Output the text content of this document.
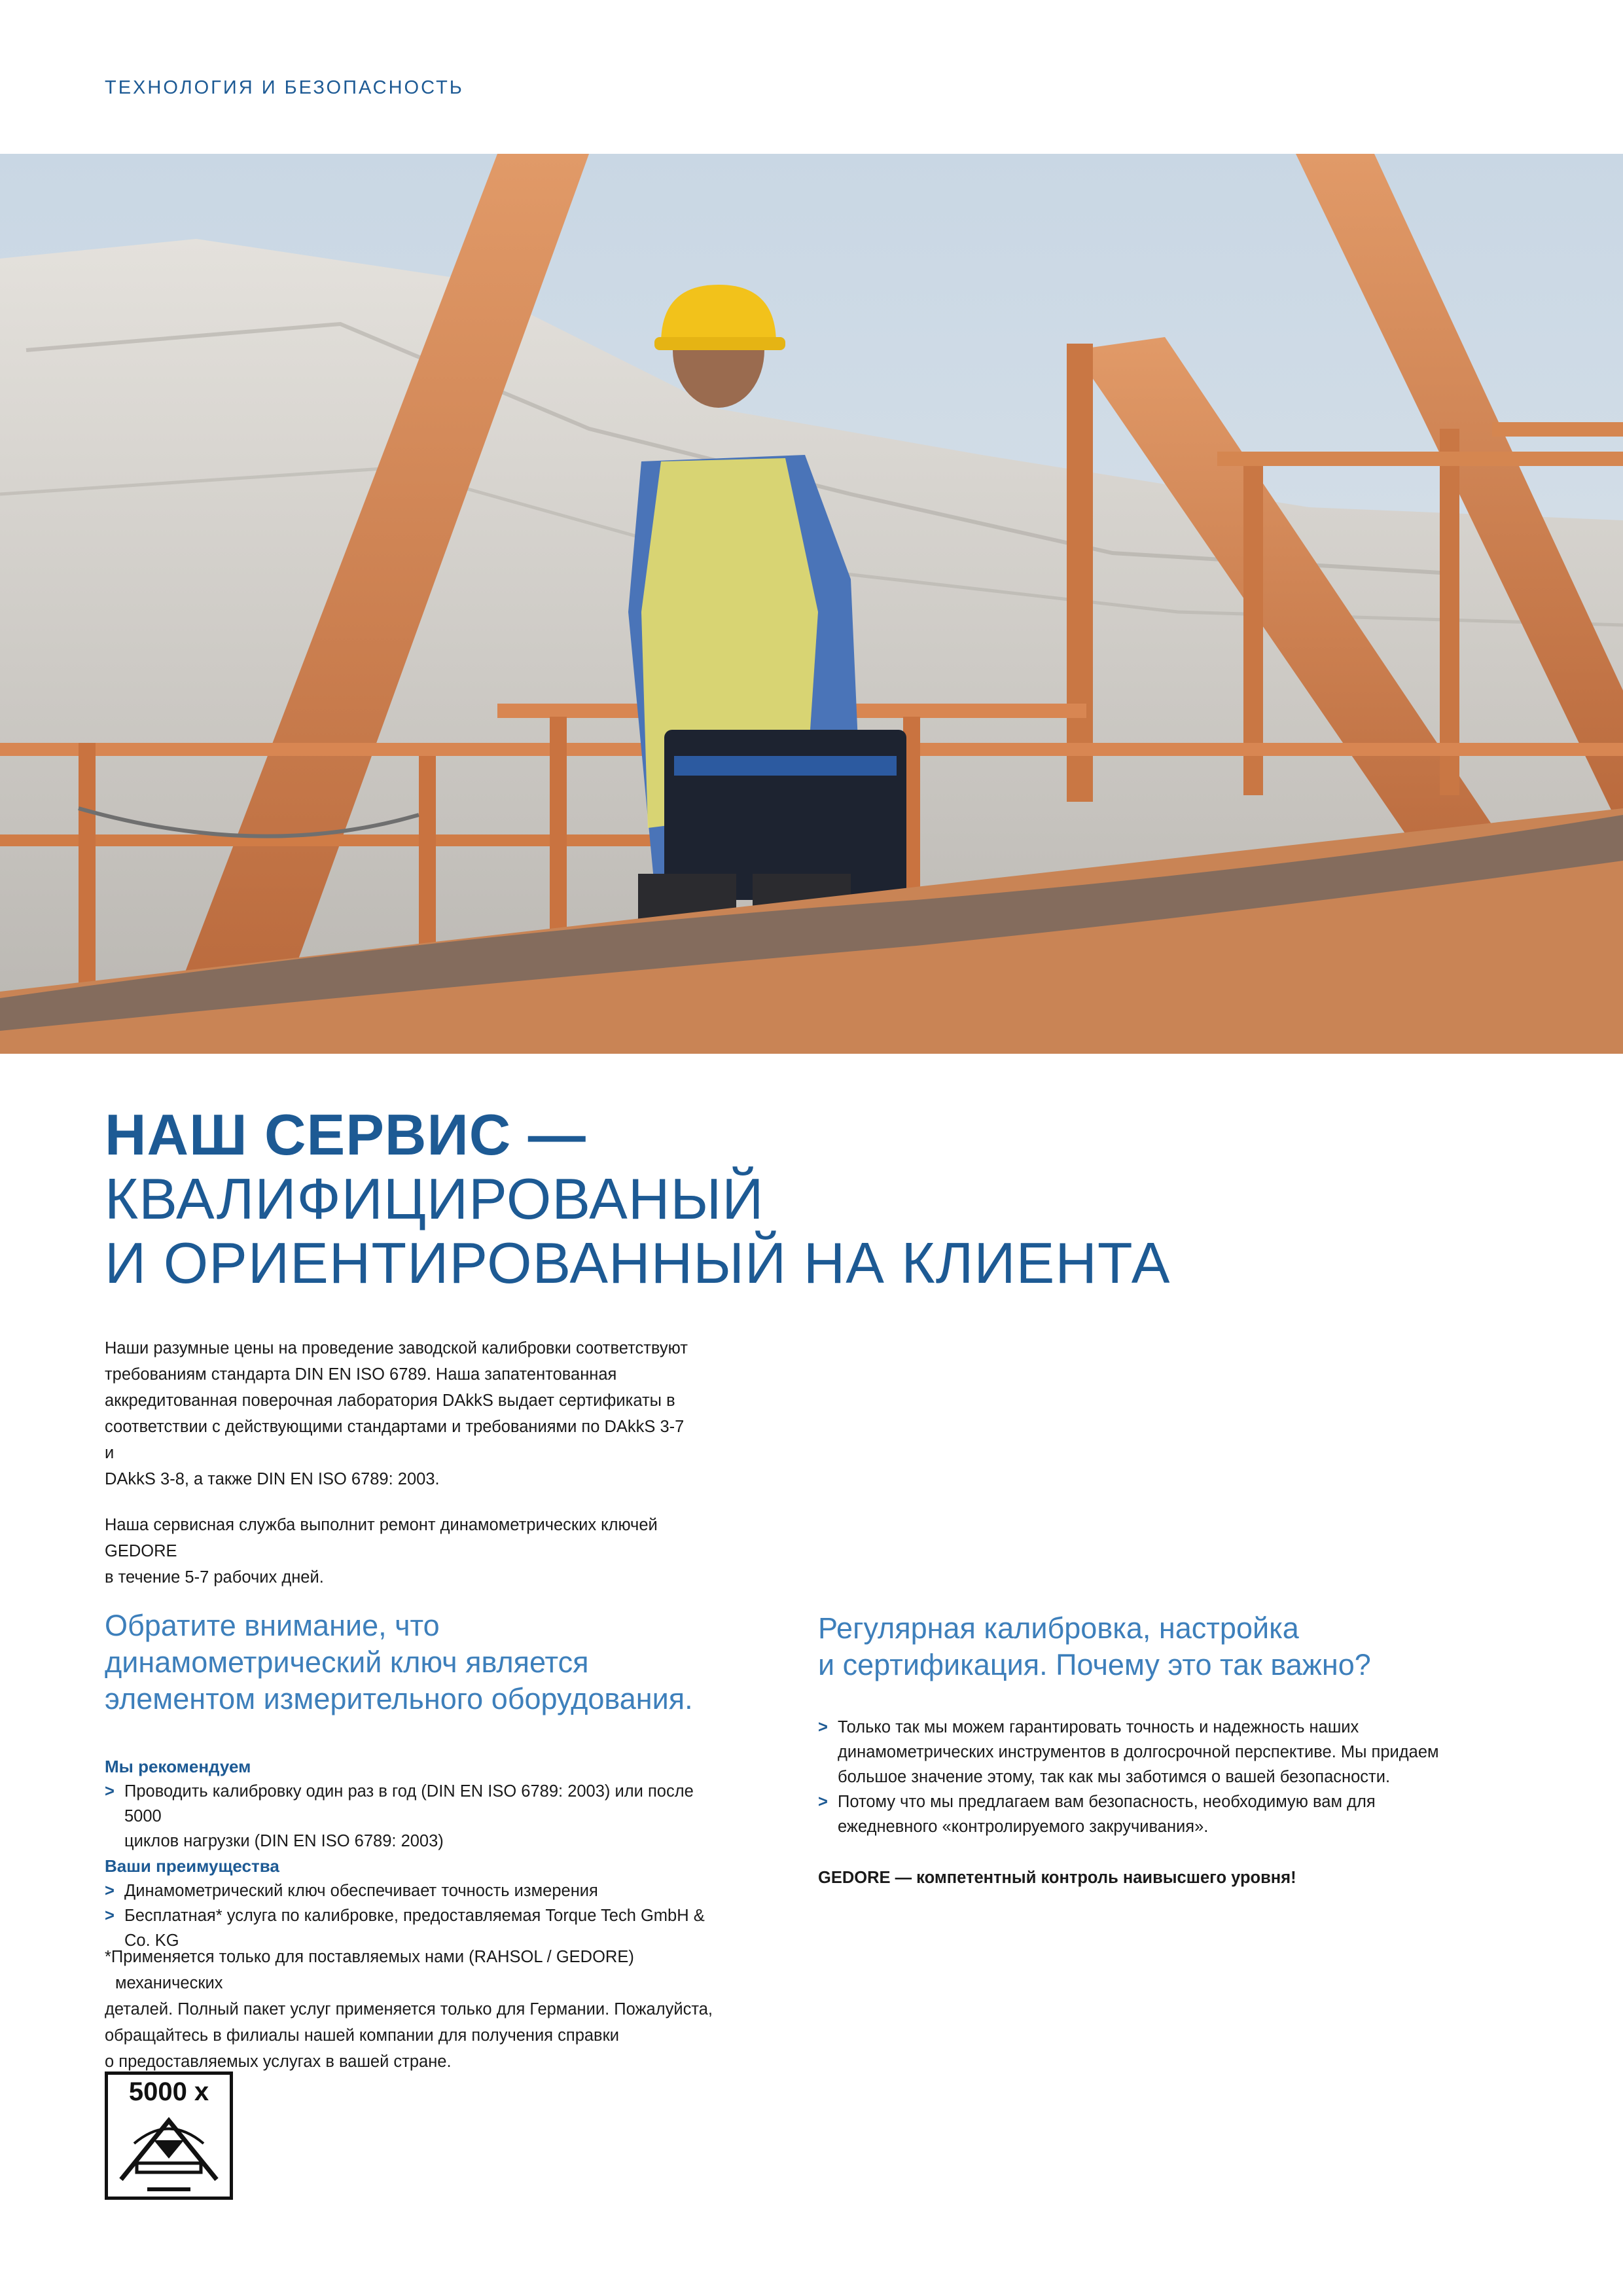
ТЕХНОЛОГИЯ И БЕЗОПАСНОСТЬ
НАШ СЕРВИС —
КВАЛИФИЦИРОВАНЫЙ
И ОРИЕНТИРОВАННЫЙ НА КЛИЕНТА
Наши разумные цены на проведение заводской калибровки соответствуют
требованиям стандарта DIN EN ISO 6789. Наша запатентованная
аккредитованная поверочная лаборатория DAkkS выдает сертификаты в
соответствии с действующими стандартами и требованиями по DAkkS 3-7 и
DAkkS 3-8, а также DIN EN ISO 6789: 2003.
Наша сервисная служба выполнит ремонт динамометрических ключей GEDORE
в течение 5-7 рабочих дней.
Обратите внимание, что
динамометрический ключ является
элементом измерительного оборудования.
Мы рекомендуем
> Проводить калибровку один раз в год (DIN EN ISO 6789: 2003) или после 5000
циклов нагрузки (DIN EN ISO 6789: 2003)
Ваши преимущества
> Динамометрический ключ обеспечивает точность измерения
> Бесплатная* услуга по калибровке, предоставляемая Torque Tech GmbH & Co. KG
*Применяется только для поставляемых нами (RAHSOL / GEDORE) механических
деталей. Полный пакет услуг применяется только для Германии. Пожалуйста,
обращайтесь в филиалы нашей компании для получения справки
о предоставляемых услугах в вашей стране.
5000 x
Регулярная калибровка, настройка
и сертификация. Почему это так важно?
> Только так мы можем гарантировать точность и надежность наших
динамометрических инструментов в долгосрочной перспективе. Мы придаем
большое значение этому, так как мы заботимся о вашей безопасности.
> Потому что мы предлагаем вам безопасность, необходимую вам для
ежедневного «контролируемого закручивания».
GEDORE — компетентный контроль наивысшего уровня!
